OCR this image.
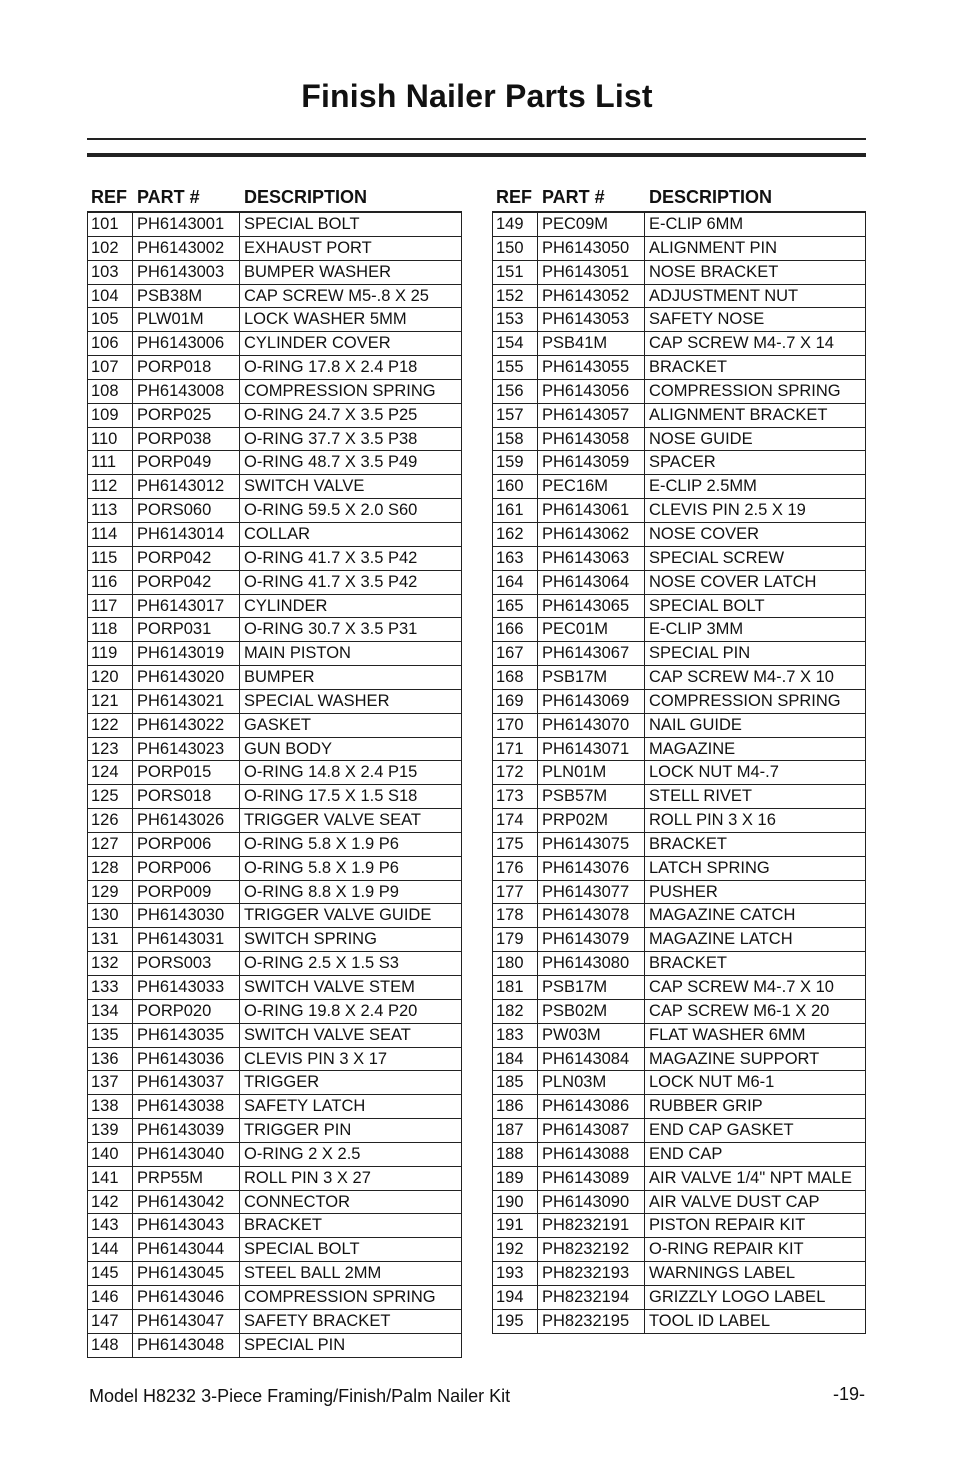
Finish Nailer Parts List
REF PART # DESCRIPTION
101	PH6143001	SPECIAL BOLT
102	PH6143002	EXHAUST PORT
103	PH6143003	BUMPER WASHER
104	PSB38M	CAP SCREW M5-.8 X 25
105	PLW01M	LOCK WASHER 5MM
106	PH6143006	CYLINDER COVER
107	PORP018	O-RING 17.8 X 2.4 P18
108	PH6143008	COMPRESSION SPRING
109	PORP025	O-RING 24.7 X 3.5 P25
110	PORP038	O-RING 37.7 X 3.5 P38
111	PORP049	O-RING 48.7 X 3.5 P49
112	PH6143012	SWITCH VALVE
113	PORS060	O-RING 59.5 X 2.0 S60
114	PH6143014	COLLAR
115	PORP042	O-RING 41.7 X 3.5 P42
116	PORP042	O-RING 41.7 X 3.5 P42
117	PH6143017	CYLINDER
118	PORP031	O-RING 30.7 X 3.5 P31
119	PH6143019	MAIN PISTON
120	PH6143020	BUMPER
121	PH6143021	SPECIAL WASHER
122	PH6143022	GASKET
123	PH6143023	GUN BODY
124	PORP015	O-RING 14.8 X 2.4 P15
125	PORS018	O-RING 17.5 X 1.5 S18
126	PH6143026	TRIGGER VALVE SEAT
127	PORP006	O-RING 5.8 X 1.9 P6
128	PORP006	O-RING 5.8 X 1.9 P6
129	PORP009	O-RING 8.8 X 1.9 P9
130	PH6143030	TRIGGER VALVE GUIDE
131	PH6143031	SWITCH SPRING
132	PORS003	O-RING 2.5 X 1.5 S3
133	PH6143033	SWITCH VALVE STEM
134	PORP020	O-RING 19.8 X 2.4 P20
135	PH6143035	SWITCH VALVE SEAT
136	PH6143036	CLEVIS PIN 3 X 17
137	PH6143037	TRIGGER
138	PH6143038	SAFETY LATCH
139	PH6143039	TRIGGER PIN
140	PH6143040	O-RING 2 X 2.5
141	PRP55M	ROLL PIN 3 X 27
142	PH6143042	CONNECTOR
143	PH6143043	BRACKET
144	PH6143044	SPECIAL BOLT
145	PH6143045	STEEL BALL 2MM
146	PH6143046	COMPRESSION SPRING
147	PH6143047	SAFETY BRACKET
148	PH6143048	SPECIAL PIN
REF PART # DESCRIPTION
149	PEC09M	E-CLIP 6MM
150	PH6143050	ALIGNMENT PIN
151	PH6143051	NOSE BRACKET
152	PH6143052	ADJUSTMENT NUT
153	PH6143053	SAFETY NOSE
154	PSB41M	CAP SCREW M4-.7 X 14
155	PH6143055	BRACKET
156	PH6143056	COMPRESSION SPRING
157	PH6143057	ALIGNMENT BRACKET
158	PH6143058	NOSE GUIDE
159	PH6143059	SPACER
160	PEC16M	E-CLIP 2.5MM
161	PH6143061	CLEVIS PIN 2.5 X 19
162	PH6143062	NOSE COVER
163	PH6143063	SPECIAL SCREW
164	PH6143064	NOSE COVER LATCH
165	PH6143065	SPECIAL BOLT
166	PEC01M	E-CLIP 3MM
167	PH6143067	SPECIAL PIN
168	PSB17M	CAP SCREW M4-.7 X 10
169	PH6143069	COMPRESSION SPRING
170	PH6143070	NAIL GUIDE
171	PH6143071	MAGAZINE
172	PLN01M	LOCK NUT M4-.7
173	PSB57M	STELL RIVET
174	PRP02M	ROLL PIN 3 X 16
175	PH6143075	BRACKET
176	PH6143076	LATCH SPRING
177	PH6143077	PUSHER
178	PH6143078	MAGAZINE CATCH
179	PH6143079	MAGAZINE LATCH
180	PH6143080	BRACKET
181	PSB17M	CAP SCREW M4-.7 X 10
182	PSB02M	CAP SCREW M6-1 X 20
183	PW03M	FLAT WASHER 6MM
184	PH6143084	MAGAZINE SUPPORT
185	PLN03M	LOCK NUT M6-1
186	PH6143086	RUBBER GRIP
187	PH6143087	END CAP GASKET
188	PH6143088	END CAP
189	PH6143089	AIR VALVE 1/4" NPT MALE
190	PH6143090	AIR VALVE DUST CAP
191	PH8232191	PISTON REPAIR KIT
192	PH8232192	O-RING REPAIR KIT
193	PH8232193	WARNINGS LABEL
194	PH8232194	GRIZZLY LOGO LABEL
195	PH8232195	TOOL ID LABEL
Model H8232 3-Piece Framing/Finish/Palm Nailer Kit	-19-
